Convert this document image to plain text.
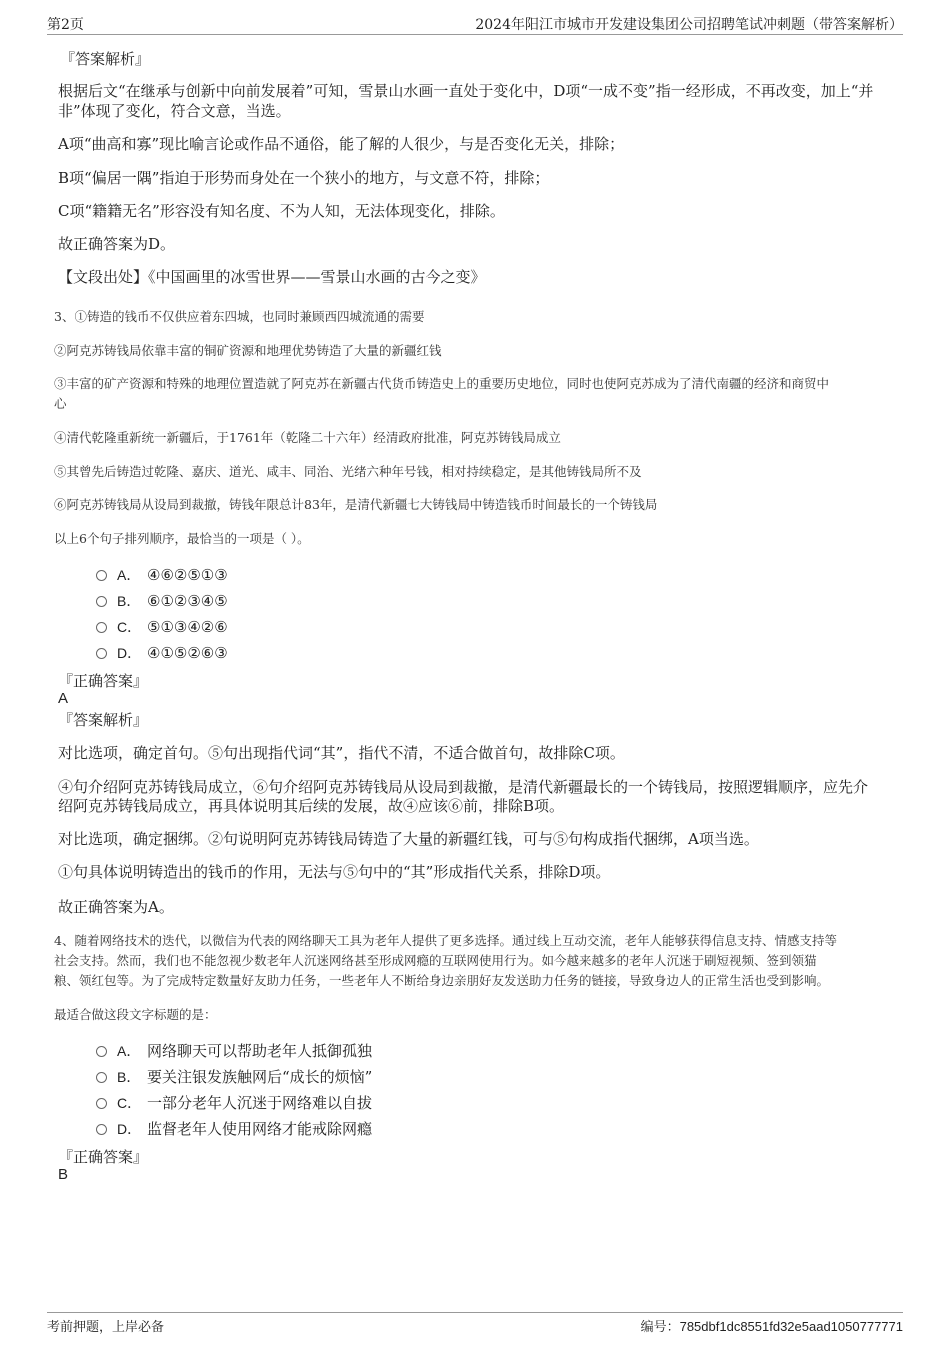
第2页	2024年阳江市城市开发建设集团公司招聘笔试冲刺题（带答案解析）
『答案解析』
根据后文“在继承与创新中向前发展着”可知，雪景山水画一直处于变化中，D项“一成不变”指一经形成，不再改变，加上“并
非”体现了变化，符合文意，当选。
A项“曲高和寡”现比喻言论或作品不通俗，能了解的人很少，与是否变化无关，排除；
B项“偏居一隅”指迫于形势而身处在一个狭小的地方，与文意不符，排除；
C项“籍籍无名”形容没有知名度、不为人知，无法体现变化，排除。
故正确答案为D。
【文段出处】《中国画里的冰雪世界——雪景山水画的古今之变》
3、①铸造的钱币不仅供应着东四城，也同时兼顾西四城流通的需要
②阿克苏铸钱局依靠丰富的铜矿资源和地理优势铸造了大量的新疆红钱
③丰富的矿产资源和特殊的地理位置造就了阿克苏在新疆古代货币铸造史上的重要历史地位，同时也使阿克苏成为了清代南疆的经济和商贸中
心
④清代乾隆重新统一新疆后，于1761年（乾隆二十六年）经清政府批准，阿克苏铸钱局成立
⑤其曾先后铸造过乾隆、嘉庆、道光、咸丰、同治、光绪六种年号钱，相对持续稳定，是其他铸钱局所不及
⑥阿克苏铸钱局从设局到裁撤，铸钱年限总计83年，是清代新疆七大铸钱局中铸造钱币时间最长的一个铸钱局
以上6个句子排列顺序，最恰当的一项是（ ）。
A． ④⑥②⑤①③
B． ⑥①②③④⑤
C． ⑤①③④②⑥
D． ④①⑤②⑥③
『正确答案』
A
『答案解析』
对比选项，确定首句。⑤句出现指代词“其”，指代不清，不适合做首句，故排除C项。
④句介绍阿克苏铸钱局成立，⑥句介绍阿克苏铸钱局从设局到裁撤，是清代新疆最长的一个铸钱局，按照逻辑顺序，应先介
绍阿克苏铸钱局成立，再具体说明其后续的发展，故④应该⑥前，排除B项。
对比选项，确定捆绑。②句说明阿克苏铸钱局铸造了大量的新疆红钱，可与⑤句构成指代捆绑，A项当选。
①句具体说明铸造出的钱币的作用，无法与⑤句中的“其”形成指代关系，排除D项。
故正确答案为A。
4、随着网络技术的迭代，以微信为代表的网络聊天工具为老年人提供了更多选择。通过线上互动交流，老年人能够获得信息支持、情感支持等
社会支持。然而，我们也不能忽视少数老年人沉迷网络甚至形成网瘾的互联网使用行为。如今越来越多的老年人沉迷于刷短视频、签到领猫
粮、领红包等。为了完成特定数量好友助力任务，一些老年人不断给身边亲朋好友发送助力任务的链接，导致身边人的正常生活也受到影响。
最适合做这段文字标题的是：
A． 网络聊天可以帮助老年人抵御孤独
B． 要关注银发族触网后“成长的烦恼”
C． 一部分老年人沉迷于网络难以自拔
D． 监督老年人使用网络才能戒除网瘾
『正确答案』
B
考前押题，上岸必备	编号：785dbf1dc8551fd32e5aad1050777771
